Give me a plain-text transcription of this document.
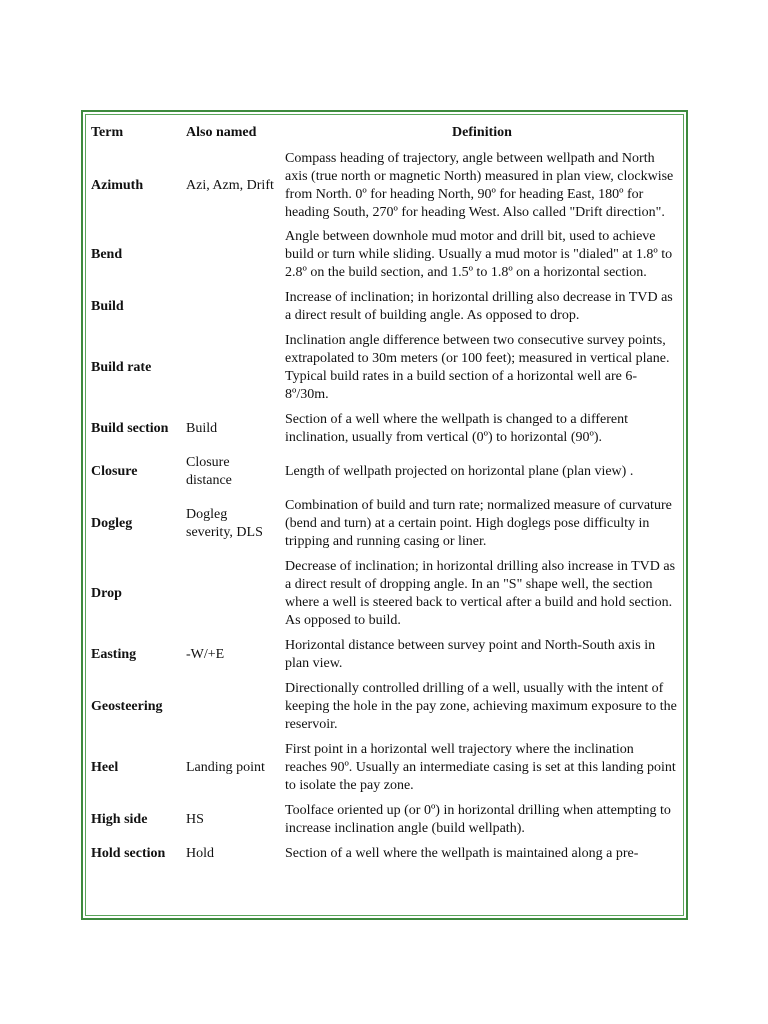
Term	Also named	Definition
Azimuth	Azi, Azm, Drift	Compass heading of trajectory, angle between wellpath and North axis (true north or magnetic North) measured in plan view, clockwise from North. 0º for heading North, 90º for heading East, 180º for heading South, 270º for heading West. Also called "Drift direction".
Bend		Angle between downhole mud motor and drill bit, used to achieve build or turn while sliding. Usually a mud motor is "dialed" at 1.8º to 2.8º on the build section, and 1.5º to 1.8º on a horizontal section.
Build		Increase of inclination; in horizontal drilling also decrease in TVD as a direct result of building angle. As opposed to drop.
Build rate		Inclination angle difference between two consecutive survey points, extrapolated to 30m meters (or 100 feet); measured in vertical plane. Typical build rates in a build section of a horizontal well are 6-8º/30m.
Build section	Build	Section of a well where the wellpath is changed to a different inclination, usually from vertical (0º) to horizontal (90º).
Closure	Closure distance	Length of wellpath projected on horizontal plane (plan view) .
Dogleg	Dogleg severity, DLS	Combination of build and turn rate; normalized measure of curvature (bend and turn) at a certain point. High doglegs pose difficulty in tripping and running casing or liner.
Drop		Decrease of inclination; in horizontal drilling also increase in TVD as a direct result of dropping angle. In an "S" shape well, the section where a well is steered back to vertical after a build and hold section. As opposed to build.
Easting	-W/+E	Horizontal distance between survey point and North-South axis in plan view.
Geosteering		Directionally controlled drilling of a well, usually with the intent of keeping the hole in the pay zone, achieving maximum exposure to the reservoir.
Heel	Landing point	First point in a horizontal well trajectory where the inclination reaches 90º. Usually an intermediate casing is set at this landing point to isolate the pay zone.
High side	HS	Toolface oriented up (or 0º) in horizontal drilling when attempting to increase inclination angle (build wellpath).
Hold section	Hold	Section of a well where the wellpath is maintained along a pre-
